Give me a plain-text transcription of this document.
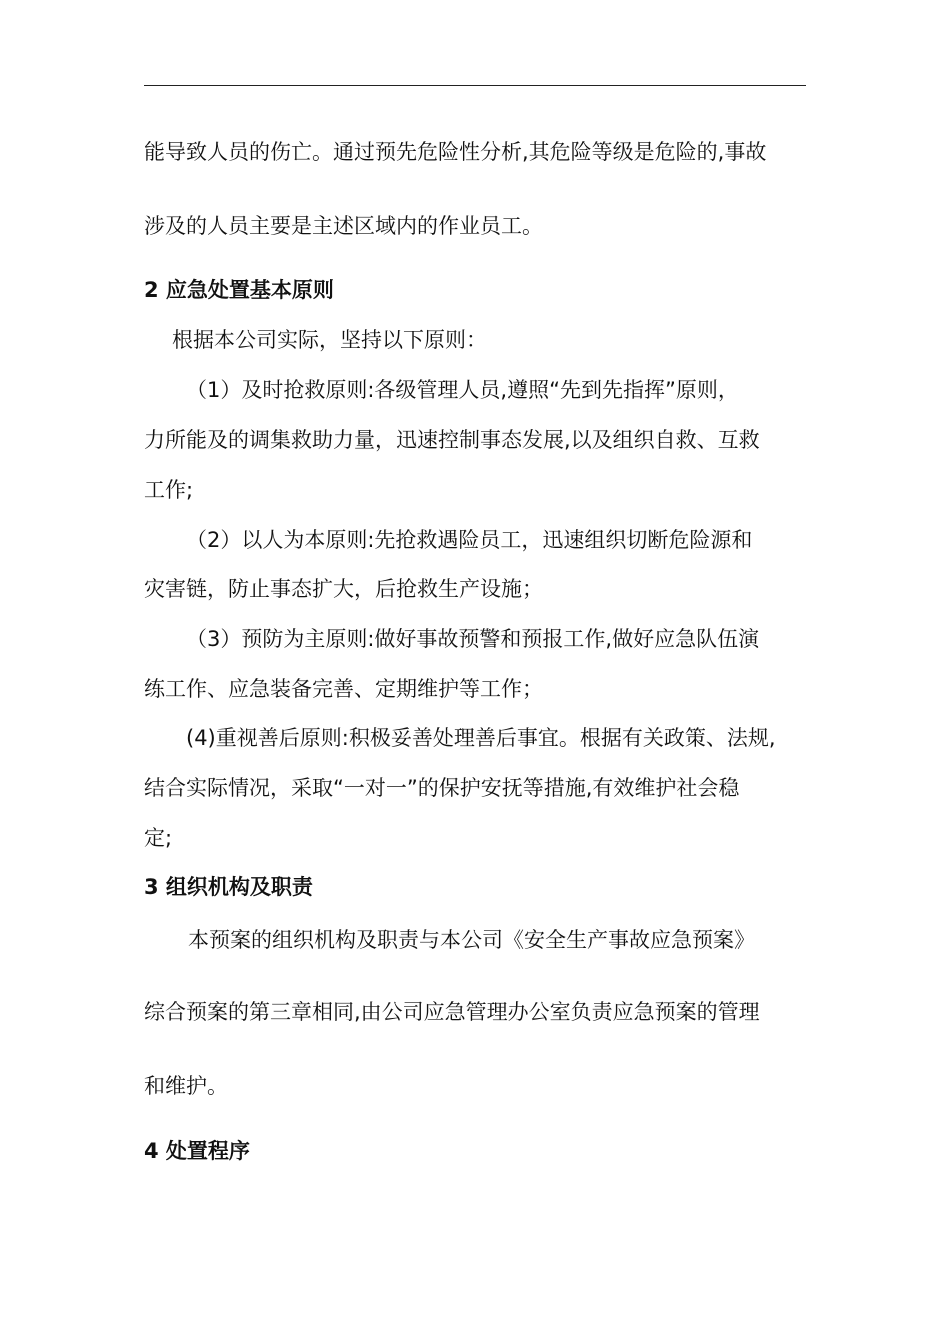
能导致人员的伤亡。通过预先危险性分析,其危险等级是危险的,事故
涉及的人员主要是主述区域内的作业员工。
2 应急处置基本原则
根据本公司实际，坚持以下原则：
（1）及时抢救原则:各级管理人员,遵照“先到先指挥”原则，
力所能及的调集救助力量，迅速控制事态发展,以及组织自救、互救
工作;
（2）以人为本原则:先抢救遇险员工，迅速组织切断危险源和
灾害链，防止事态扩大，后抢救生产设施；
（3）预防为主原则:做好事故预警和预报工作,做好应急队伍演
练工作、应急装备完善、定期维护等工作；
(4)重视善后原则:积极妥善处理善后事宜。根据有关政策、法规,
结合实际情况，采取“一对一”的保护安抚等措施,有效维护社会稳
定;
3 组织机构及职责
本预案的组织机构及职责与本公司《安全生产事故应急预案》
综合预案的第三章相同,由公司应急管理办公室负责应急预案的管理
和维护。
4 处置程序
